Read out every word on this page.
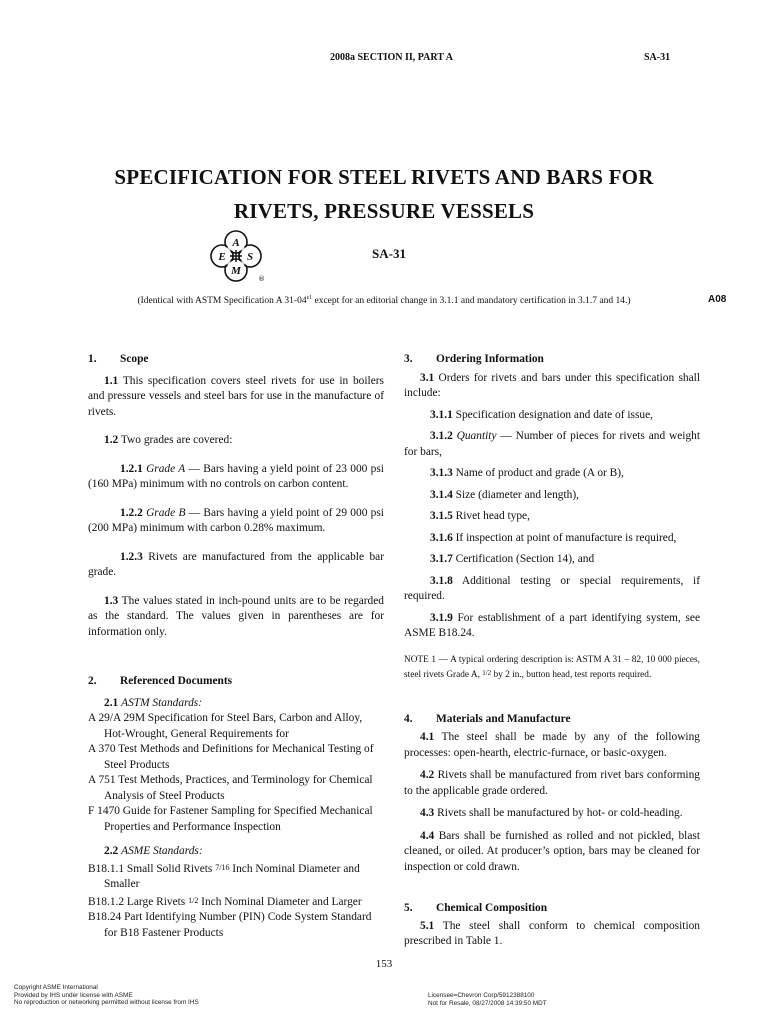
2008a SECTION II, PART A	SA-31
SPECIFICATION FOR STEEL RIVETS AND BARS FOR
RIVETS, PRESSURE VESSELS
A
S
M
E
®
SA-31
(Identical with ASTM Specification A $31-04^{\varepsilon 1}$ except for an editorial change in 3.1.1 and mandatory certification in 3.1.7 and 14.)	A08

1. Scope

1.1 This specification covers steel rivets for use in boilers and pressure vessels and steel bars for use in the manufacture of rivets.

1.2 Two grades are covered:

1.2.1 Grade A — Bars having a yield point of 23 000 psi (160 MPa) minimum with no controls on carbon content.

1.2.2 Grade B — Bars having a yield point of 29 000 psi (200 MPa) minimum with carbon 0.28% maximum.

1.2.3 Rivets are manufactured from the applicable bar grade.

1.3 The values stated in inch-pound units are to be regarded as the standard. The values given in parentheses are for information only.

2. Referenced Documents

2.1 ASTM Standards:

A 29/A 29M Specification for Steel Bars, Carbon and Alloy, Hot-Wrought, General Requirements for

A 370 Test Methods and Definitions for Mechanical Testing of Steel Products

A 751 Test Methods, Practices, and Terminology for Chemical Analysis of Steel Products

F 1470 Guide for Fastener Sampling for Specified Mechanical Properties and Performance Inspection

2.2 ASME Standards:

B18.1.1 Small Solid Rivets 7/16 Inch Nominal Diameter and Smaller

B18.1.2 Large Rivets 1/2 Inch Nominal Diameter and Larger

B18.24 Part Identifying Number (PIN) Code System Standard for B18 Fastener Products

3. Ordering Information

3.1 Orders for rivets and bars under this specification shall include:

3.1.1 Specification designation and date of issue,

3.1.2 Quantity — Number of pieces for rivets and weight for bars,

3.1.3 Name of product and grade (A or B),

3.1.4 Size (diameter and length),

3.1.5 Rivet head type,

3.1.6 If inspection at point of manufacture is required,

3.1.7 Certification (Section 14), and

3.1.8 Additional testing or special requirements, if required.

3.1.9 For establishment of a part identifying system, see ASME B18.24.

NOTE 1 — A typical ordering description is: ASTM A 31 – 82, 10 000 pieces, steel rivets Grade A, $^{1/2}$ by 2 in., button head, test reports required.

4. Materials and Manufacture

4.1 The steel shall be made by any of the following processes: open-hearth, electric-furnace, or basic-oxygen.

4.2 Rivets shall be manufactured from rivet bars conforming to the applicable grade ordered.

4.3 Rivets shall be manufactured by hot- or cold-heading.

4.4 Bars shall be furnished as rolled and not pickled, blast cleaned, or oiled. At producer’s option, bars may be cleaned for inspection or cold drawn.

5. Chemical Composition

5.1 The steel shall conform to chemical composition prescribed in Table 1.

153
Copyright ASME International
Provided by IHS under license with ASME
No reproduction or networking permitted without license from IHS
Licensee=Chevron Corp/5912388100
Not for Resale, 08/27/2008 14:39:50 MDT
